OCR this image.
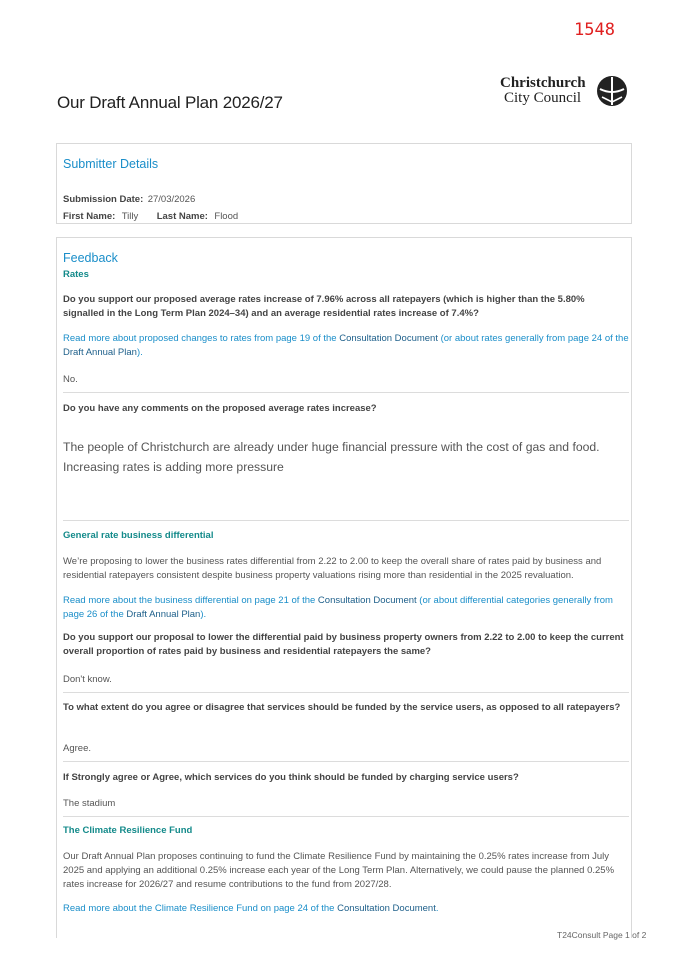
1548
Our Draft Annual Plan 2026/27
Christchurch
City Council
Submitter Details
Submission Date: 27/03/2026
First Name: Tilly Last Name: Flood
Feedback
Rates
Do you support our proposed average rates increase of 7.96% across all ratepayers (which is higher than the 5.80% signalled in the Long Term Plan 2024–34) and an average residential rates increase of 7.4%?
Read more about proposed changes to rates from page 19 of the Consultation Document (or about rates generally from page 24 of the Draft Annual Plan).
No.
Do you have any comments on the proposed average rates increase?
The people of Christchurch are already under huge financial pressure with the cost of gas and food. Increasing rates is adding more pressure
General rate business differential
We’re proposing to lower the business rates differential from 2.22 to 2.00 to keep the overall share of rates paid by business and residential ratepayers consistent despite business property valuations rising more than residential in the 2025 revaluation.
Read more about the business differential on page 21 of the Consultation Document (or about differential categories generally from page 26 of the Draft Annual Plan).
Do you support our proposal to lower the differential paid by business property owners from 2.22 to 2.00 to keep the current overall proportion of rates paid by business and residential ratepayers the same?
Don't know.
To what extent do you agree or disagree that services should be funded by the service users, as opposed to all ratepayers?
Agree.
If Strongly agree or Agree, which services do you think should be funded by charging service users?
The stadium
The Climate Resilience Fund
Our Draft Annual Plan proposes continuing to fund the Climate Resilience Fund by maintaining the 0.25% rates increase from July 2025 and applying an additional 0.25% increase each year of the Long Term Plan. Alternatively, we could pause the planned 0.25% rates increase for 2026/27 and resume contributions to the fund from 2027/28.
Read more about the Climate Resilience Fund on page 24 of the Consultation Document.
T24Consult Page 1 of 2
